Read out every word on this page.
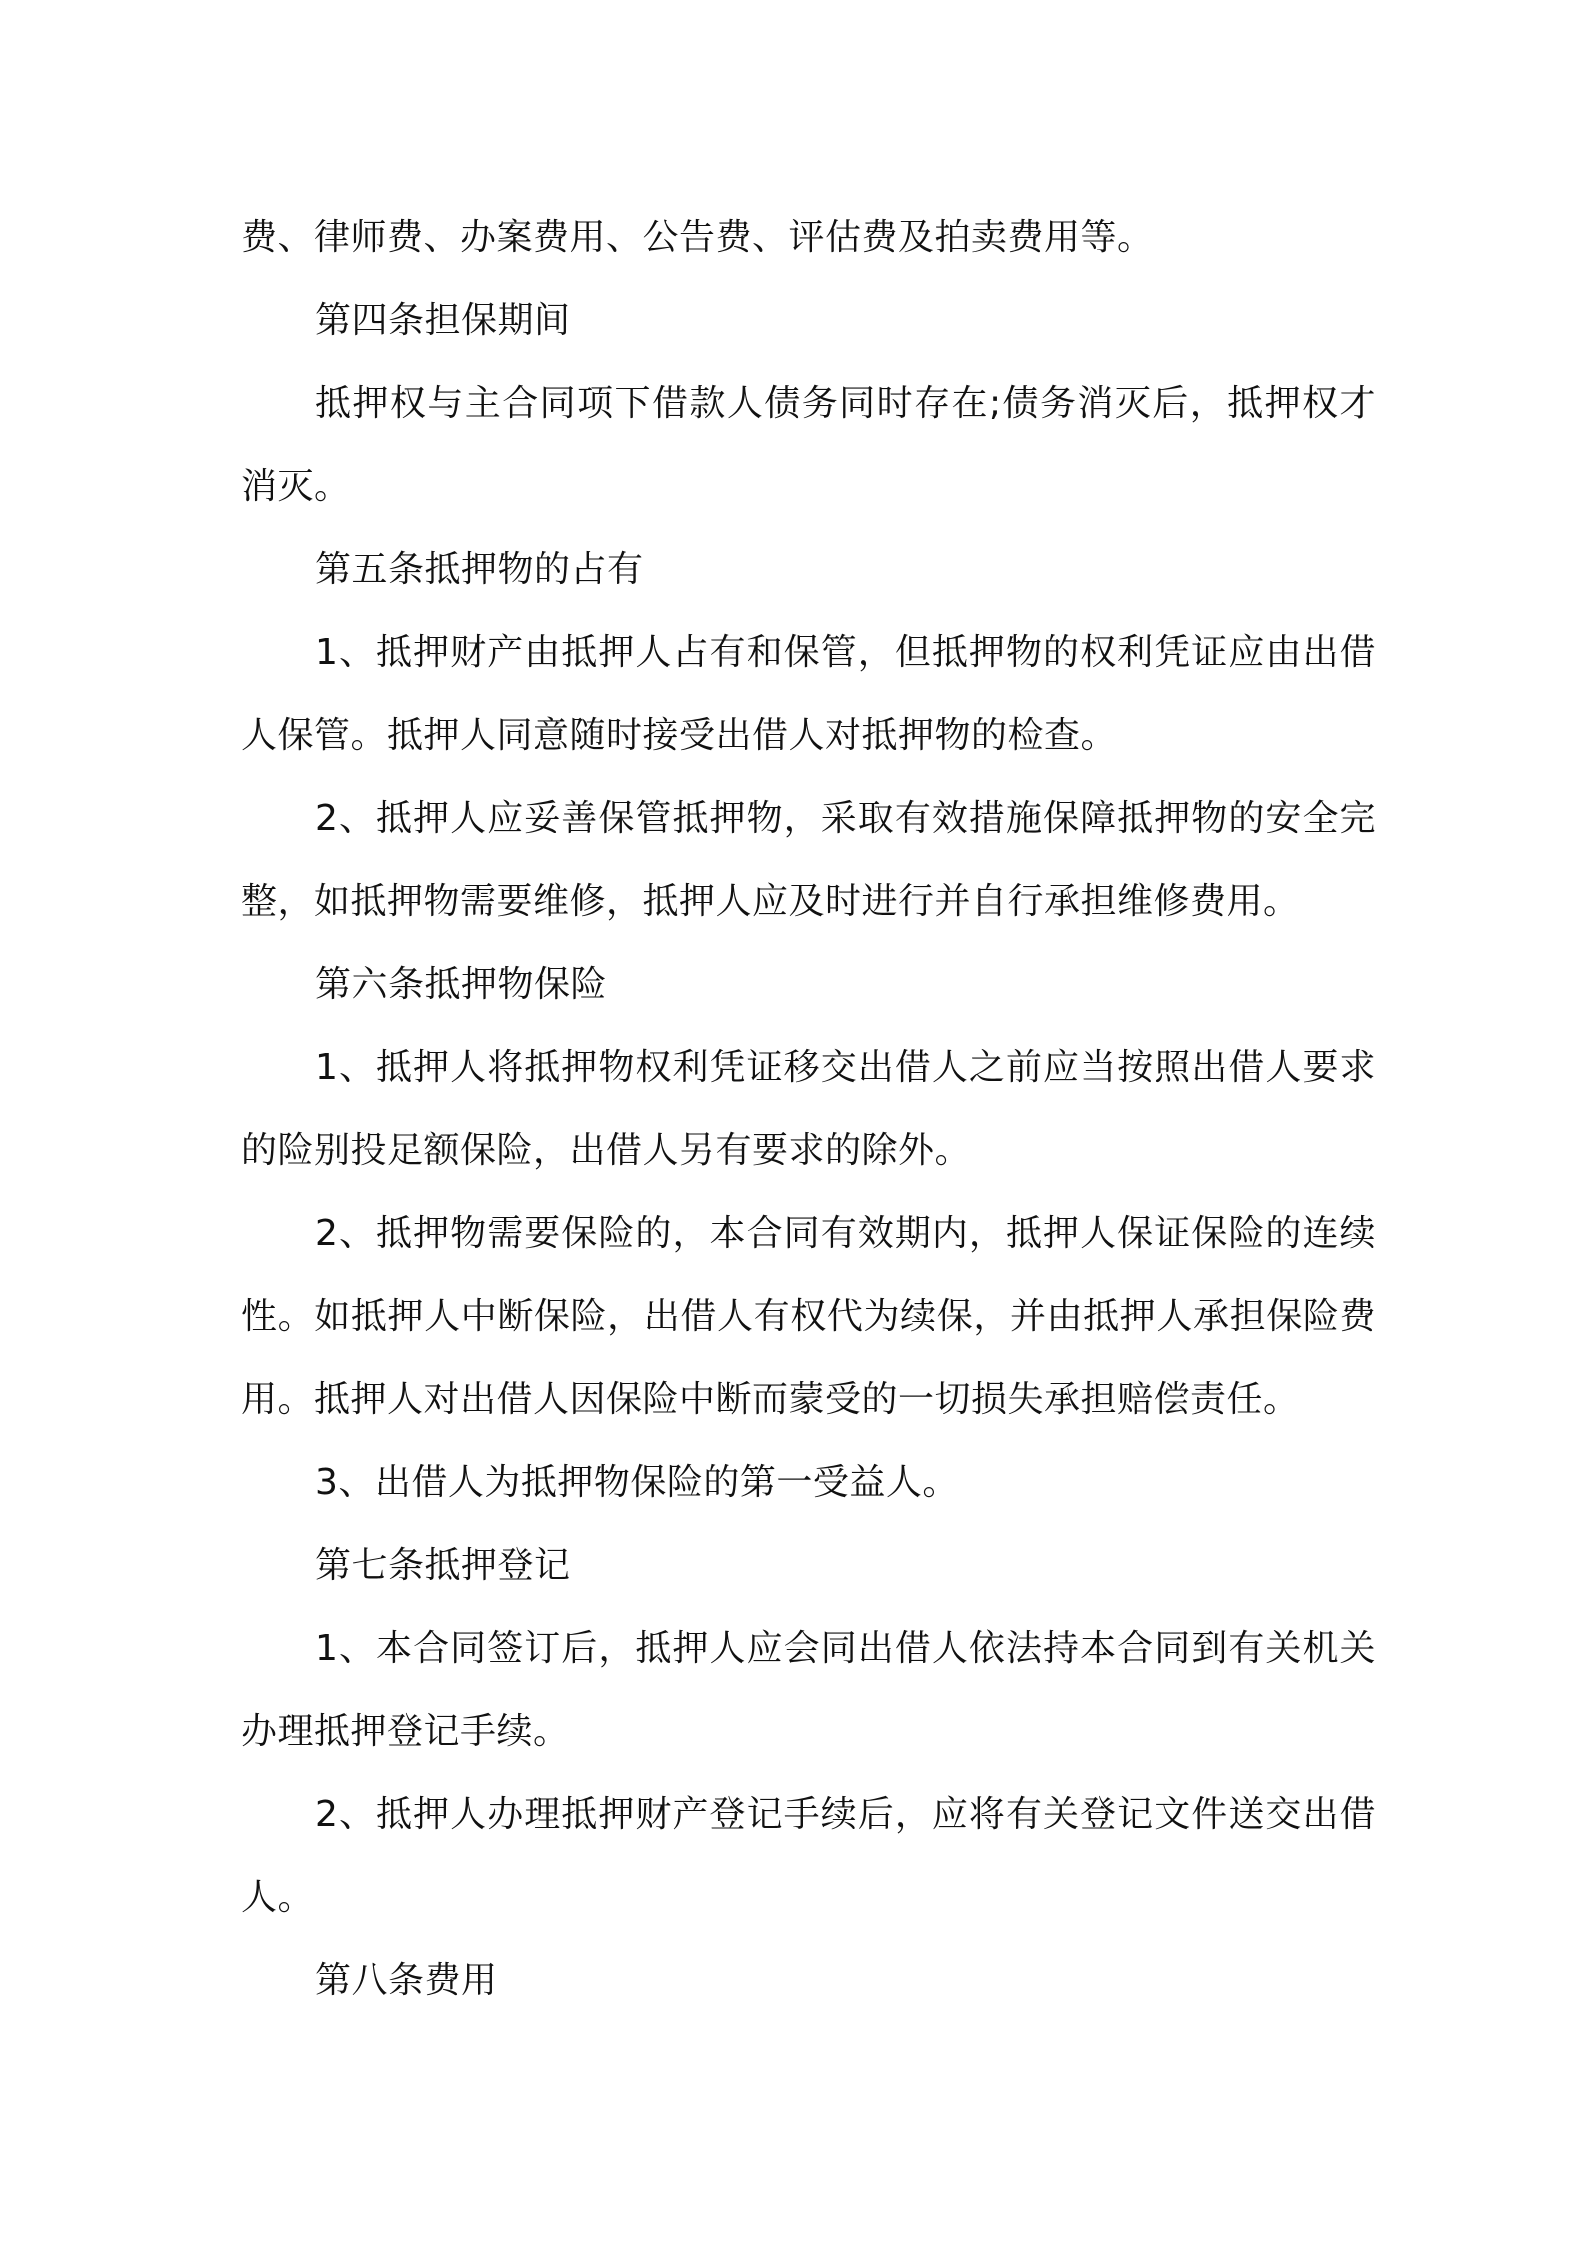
费、律师费、办案费用、公告费、评估费及拍卖费用等。

第四条担保期间

抵押权与主合同项下借款人债务同时存在;债务消灭后，抵押权才消灭。

第五条抵押物的占有

1、抵押财产由抵押人占有和保管，但抵押物的权利凭证应由出借人保管。抵押人同意随时接受出借人对抵押物的检查。

2、抵押人应妥善保管抵押物，采取有效措施保障抵押物的安全完整，如抵押物需要维修，抵押人应及时进行并自行承担维修费用。

第六条抵押物保险

1、抵押人将抵押物权利凭证移交出借人之前应当按照出借人要求的险别投足额保险，出借人另有要求的除外。

2、抵押物需要保险的，本合同有效期内，抵押人保证保险的连续性。如抵押人中断保险，出借人有权代为续保，并由抵押人承担保险费用。抵押人对出借人因保险中断而蒙受的一切损失承担赔偿责任。

3、出借人为抵押物保险的第一受益人。

第七条抵押登记

1、本合同签订后，抵押人应会同出借人依法持本合同到有关机关办理抵押登记手续。

2、抵押人办理抵押财产登记手续后，应将有关登记文件送交出借人。

第八条费用
